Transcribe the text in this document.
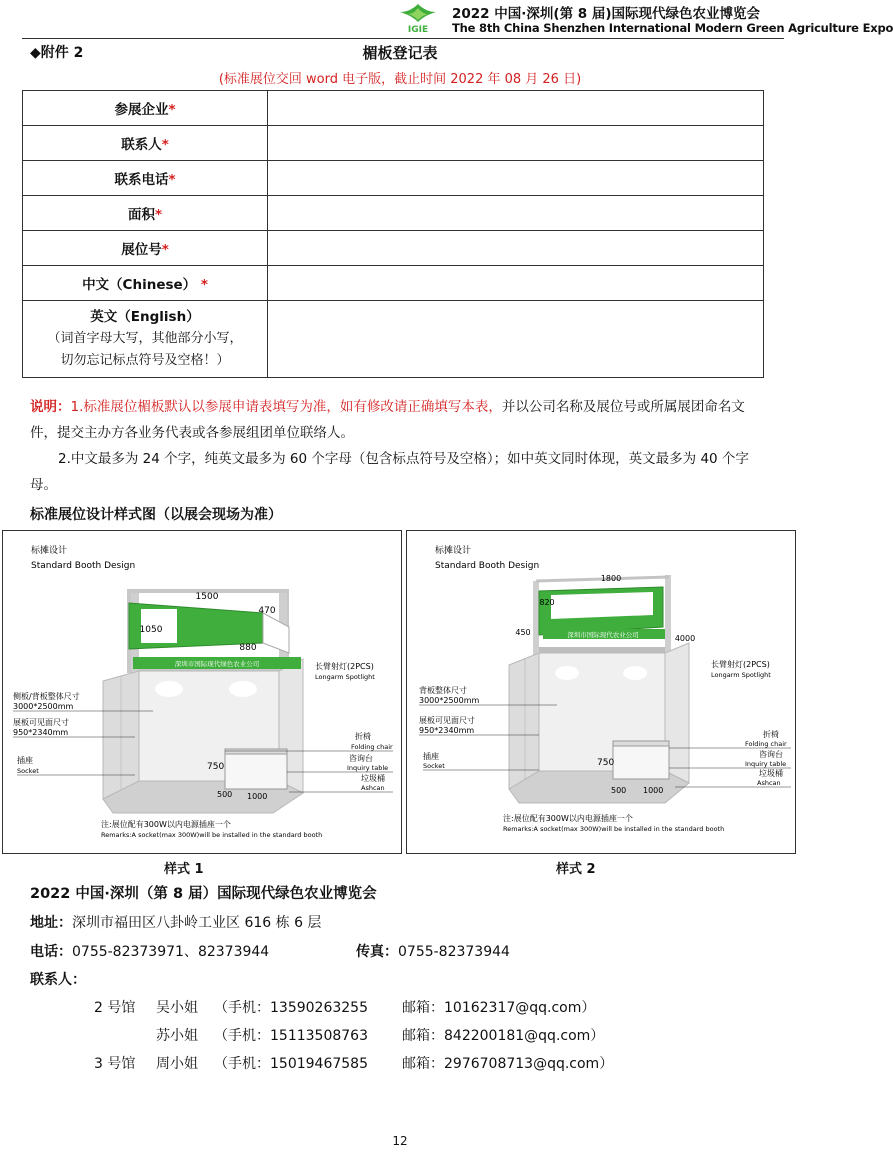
IGIE
2022 中国·深圳(第 8 届)国际现代绿色农业博览会
The 8th China Shenzhen International Modern Green Agriculture Expo
◆附件 2	楣板登记表
(标准展位交回 word 电子版，截止时间 2022 年 08 月 26 日)
参展企业*	
联系人*	
联系电话*	
面积*	
展位号*	
中文（Chinese） *	

英文（English）
（词首字母大写，其他部分小写，
切勿忘记标点符号及空格！）	

说明：1.标准展位楣板默认以参展申请表填写为准，如有修改请正确填写本表，并以公司名称及展位号或所属展团命名文件，提交主办方各业务代表或各参展组团单位联络人。
2.中文最多为 24 个字，纯英文最多为 60 个字母（包含标点符号及空格）；如中英文同时体现，英文最多为 40 个字母。
标准展位设计样式图（以展会现场为准）
标摊设计
Standard Booth Design
深圳市国际现代绿色农业公司
1500
470
1050
880
侧板/背板整体尺寸
3000*2500mm
展板可见面尺寸
950*2340mm
插座
Socket
长臂射灯(2PCS)
Longarm Spotlight
折椅
Folding chair
咨询台
Inquiry table
垃圾桶
Ashcan
750
500 1000
注:展位配有300W以内电源插座一个
Remarks:A socket(max 300W)will be installed in the standard booth
标摊设计
Standard Booth Design
深圳市国际现代农业公司
1800
820
450
4000
背板整体尺寸
3000*2500mm
展板可见面尺寸
950*2340mm
插座
Socket
长臂射灯(2PCS)
Longarm Spotlight
折椅
Folding chair
咨询台
Inquiry table
垃圾桶
Ashcan
750
500 1000
注:展位配有300W以内电源插座一个
Remarks:A socket(max 300W)will be installed in the standard booth
样式 1	样式 2
2022 中国·深圳（第 8 届）国际现代绿色农业博览会
地址：深圳市福田区八卦岭工业区 616 栋 6 层
电话：0755-82373971、82373944	传真：0755-82373944
联系人：
2 号馆 吴小姐 （手机：13590263255 邮箱：10162317@qq.com）
苏小姐 （手机：15113508763 邮箱：842200181@qq.com）
3 号馆 周小姐 （手机：15019467585 邮箱：2976708713@qq.com）
12
